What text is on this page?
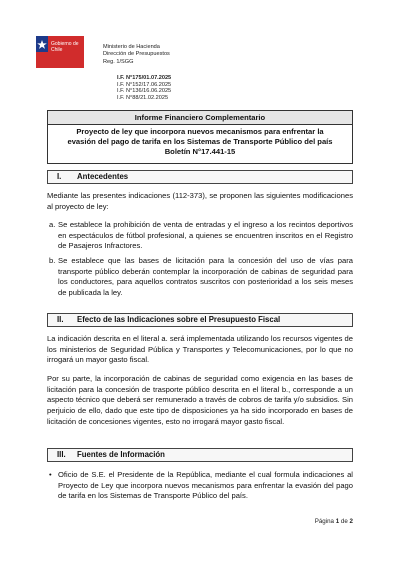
Gobierno de
Chile	Ministerio de Hacienda
Dirección de Presupuestos
Reg. 1/SGG
I.F. N°175/01.07.2025
I.F. N°152/17.06.2025
I.F. N°136/16.06.2025
I.F. N°88/21.02.2025
Informe Financiero Complementario
Proyecto de ley que incorpora nuevos mecanismos para enfrentar la
evasión del pago de tarifa en los Sistemas de Transporte Público del país
Boletín N°17.441-15
I. Antecedentes
Mediante las presentes indicaciones (112-373), se proponen las siguientes modificaciones al proyecto de ley:
a. Se establece la prohibición de venta de entradas y el ingreso a los recintos deportivos en espectáculos de fútbol profesional, a quienes se encuentren inscritos en el Registro de Pasajeros Infractores.
b. Se establece que las bases de licitación para la concesión del uso de vías para transporte público deberán contemplar la incorporación de cabinas de seguridad para los conductores, para aquellos contratos suscritos con posterioridad a los seis meses de publicada la ley.
II. Efecto de las Indicaciones sobre el Presupuesto Fiscal
La indicación descrita en el literal a. será implementada utilizando los recursos vigentes de los ministerios de Seguridad Pública y Transportes y Telecomunicaciones, por lo que no irrogará un mayor gasto fiscal.
Por su parte, la incorporación de cabinas de seguridad como exigencia en las bases de licitación para la concesión de trasporte público descrita en el literal b., corresponde a un aspecto técnico que deberá ser remunerado a través de cobros de tarifa y/o subsidios. Sin perjuicio de ello, dado que este tipo de disposiciones ya ha sido incorporado en bases de licitación de concesiones vigentes, esto no irrogará mayor gasto fiscal.
III. Fuentes de Información
• Oficio de S.E. el Presidente de la República, mediante el cual formula indicaciones al Proyecto de Ley que incorpora nuevos mecanismos para enfrentar la evasión del pago de tarifa en los Sistemas de Transporte Público del país.
Página 1 de 2
